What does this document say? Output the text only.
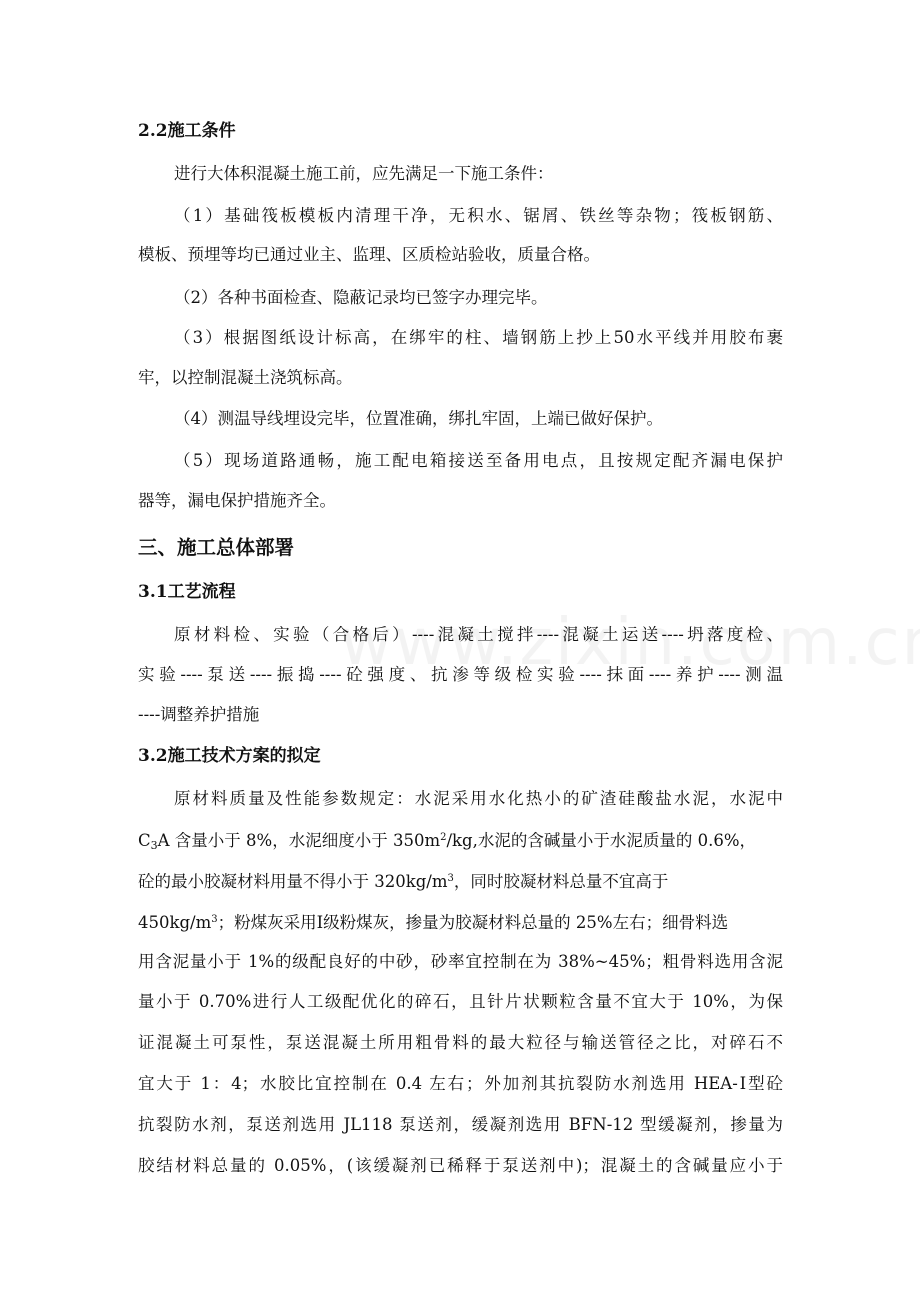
2.2施工条件
进行大体积混凝土施工前，应先满足一下施工条件：
（1）基础筏板模板内清理干净，无积水、锯屑、铁丝等杂物；筏板钢筋、
模板、预埋等均已通过业主、监理、区质检站验收，质量合格。
（2）各种书面检查、隐蔽记录均已签字办理完毕。
（3）根据图纸设计标高，在绑牢的柱、墙钢筋上抄上50水平线并用胶布裹
牢，以控制混凝土浇筑标高。
（4）测温导线埋设完毕，位置准确，绑扎牢固，上端已做好保护。
（5）现场道路通畅，施工配电箱接送至备用电点，且按规定配齐漏电保护
器等，漏电保护措施齐全。
三、施工总体部署
3.1工艺流程
原材料检、实验（合格后）----混凝土搅拌----混凝土运送----坍落度检、
实验----泵送----振捣----砼强度、抗渗等级检实验----抹面----养护----测温
----调整养护措施
3.2施工技术方案的拟定
原材料质量及性能参数规定：水泥采用水化热小的矿渣硅酸盐水泥，水泥中
$C_3A$ 含量小于 8%，水泥细度小于 $350m^2/kg$,水泥的含碱量小于水泥质量的 0.6%，
砼的最小胶凝材料用量不得小于 $320kg/m^3$，同时胶凝材料总量不宜高于
$450kg/m^3$；粉煤灰采用Ⅰ级粉煤灰，掺量为胶凝材料总量的 25%左右；细骨料选
用含泥量小于 1%的级配良好的中砂，砂率宜控制在为 38%~45%；粗骨料选用含泥
量小于 0.70%进行人工级配优化的碎石，且针片状颗粒含量不宜大于 10%，为保
证混凝土可泵性，泵送混凝土所用粗骨料的最大粒径与输送管径之比，对碎石不
宜大于 1：4；水胶比宜控制在 0.4 左右；外加剂其抗裂防水剂选用 HEA-Ⅰ型砼
抗裂防水剂，泵送剂选用 JL118 泵送剂，缓凝剂选用 BFN-12 型缓凝剂，掺量为
胶结材料总量的 0.05%，(该缓凝剂已稀释于泵送剂中)；混凝土的含碱量应小于
